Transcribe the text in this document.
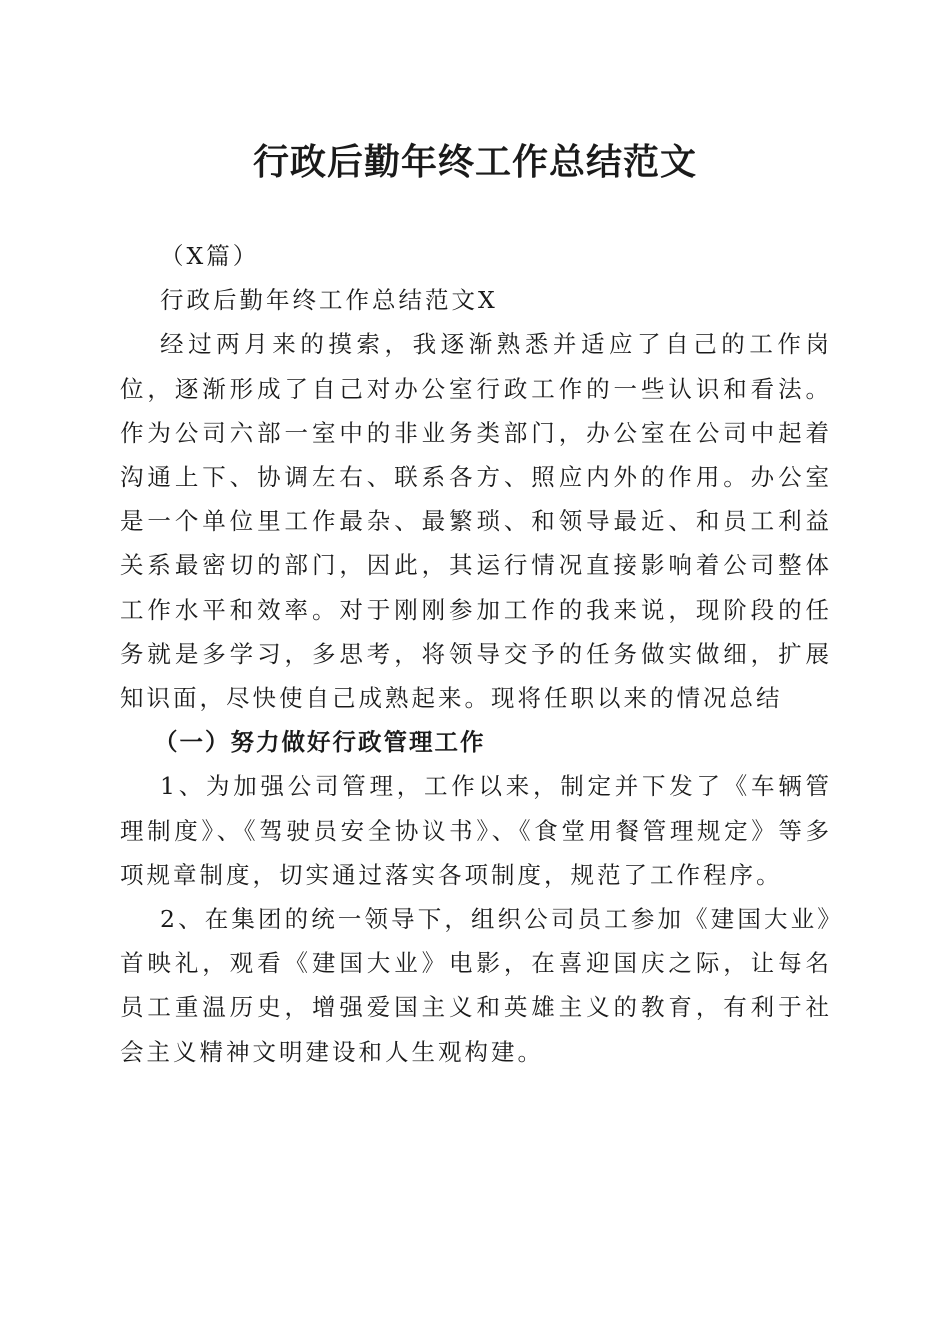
行政后勤年终工作总结范文

（X篇）

行政后勤年终工作总结范文X

经过两月来的摸索，我逐渐熟悉并适应了自己的工作岗位，逐渐形成了自己对办公室行政工作的一些认识和看法。作为公司六部一室中的非业务类部门，办公室在公司中起着沟通上下、协调左右、联系各方、照应内外的作用。办公室是一个单位里工作最杂、最繁琐、和领导最近、和员工利益关系最密切的部门，因此，其运行情况直接影响着公司整体工作水平和效率。对于刚刚参加工作的我来说，现阶段的任务就是多学习，多思考，将领导交予的任务做实做细，扩展知识面，尽快使自己成熟起来。现将任职以来的情况总结

（一）努力做好行政管理工作

1、为加强公司管理，工作以来，制定并下发了《车辆管理制度》、《驾驶员安全协议书》、《食堂用餐管理规定》等多项规章制度，切实通过落实各项制度，规范了工作程序。

2、在集团的统一领导下，组织公司员工参加《建国大业》首映礼，观看《建国大业》电影，在喜迎国庆之际，让每名员工重温历史，增强爱国主义和英雄主义的教育，有利于社会主义精神文明建设和人生观构建。
